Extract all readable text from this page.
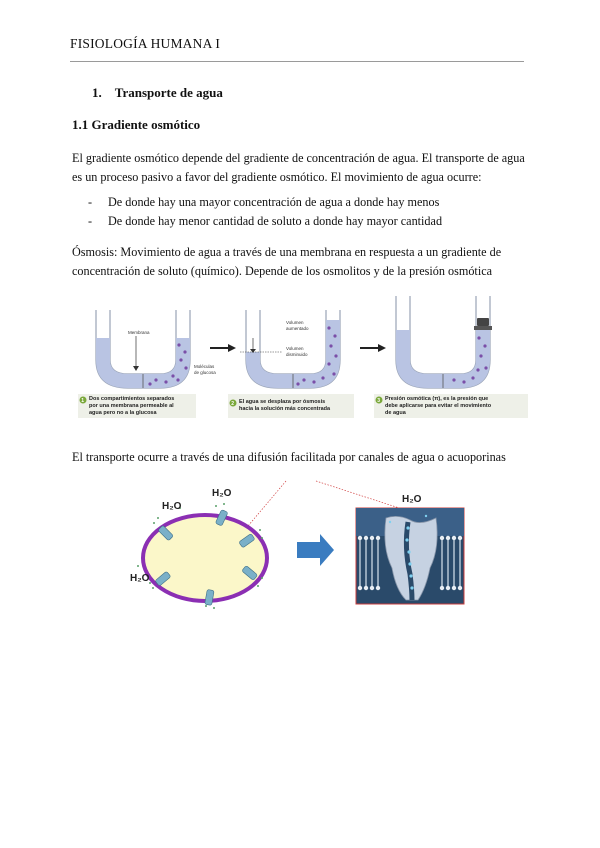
FISIOLOGÍA HUMANA I
1. Transporte de agua
1.1 Gradiente osmótico
El gradiente osmótico depende del gradiente de concentración de agua. El transporte de agua es un proceso pasivo a favor del gradiente osmótico. El movimiento de agua ocurre:
- De donde hay una mayor concentración de agua a donde hay menos
- De donde hay menor cantidad de soluto a donde hay mayor cantidad
Ósmosis: Movimiento de agua a través de una membrana en respuesta a un gradiente de concentración de soluto (químico). Depende de los osmolitos y de la presión osmótica
Membrana
Moléculas
de glucosa
Volumen
aumentado
Volumen
disminuido
1 Dos compartimientos separados
por una membrana permeable al
agua pero no a la glucosa
2 El agua se desplaza por ósmosis
hacia la solución más concentrada
3 Presión osmótica (π), es la presión que
debe aplicarse para evitar el movimiento
de agua
El transporte ocurre a través de una difusión facilitada por canales de agua o acuoporinas
H₂O
H₂O
H₂O
H₂O
